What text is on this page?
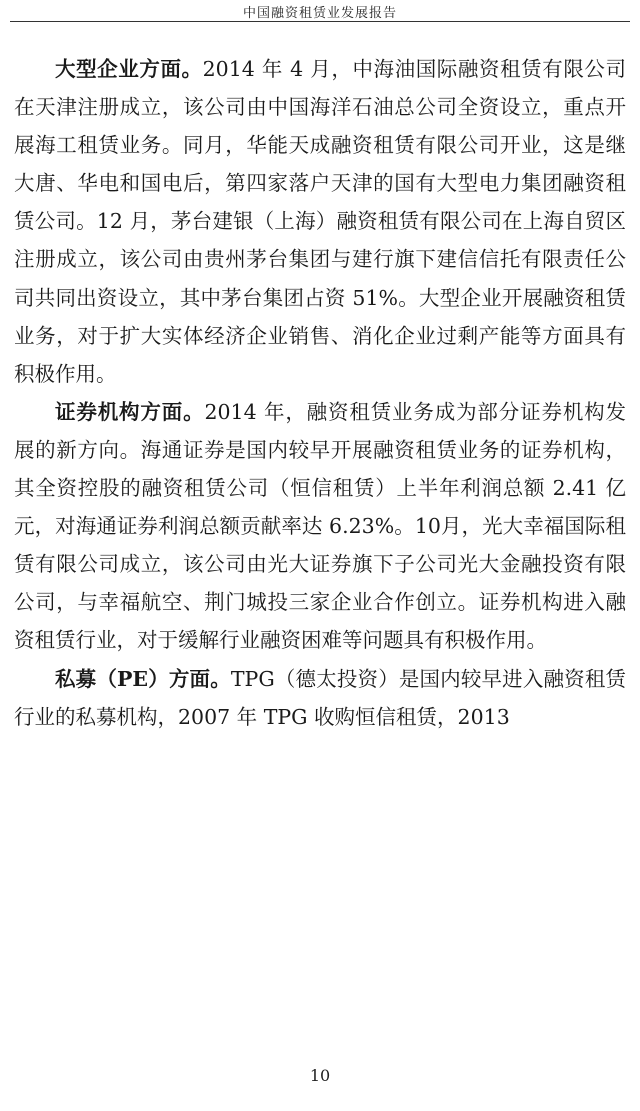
中国融资租赁业发展报告

大型企业方面。2014 年 4 月，中海油国际融资租赁有限公司在天津注册成立，该公司由中国海洋石油总公司全资设立，重点开展海工租赁业务。同月，华能天成融资租赁有限公司开业，这是继大唐、华电和国电后，第四家落户天津的国有大型电力集团融资租赁公司。12 月，茅台建银（上海）融资租赁有限公司在上海自贸区注册成立，该公司由贵州茅台集团与建行旗下建信信托有限责任公司共同出资设立，其中茅台集团占资 51%。大型企业开展融资租赁业务，对于扩大实体经济企业销售、消化企业过剩产能等方面具有积极作用。

证券机构方面。2014 年，融资租赁业务成为部分证券机构发展的新方向。海通证券是国内较早开展融资租赁业务的证券机构，其全资控股的融资租赁公司（恒信租赁）上半年利润总额 2.41 亿元，对海通证券利润总额贡献率达 6.23%。10月，光大幸福国际租赁有限公司成立，该公司由光大证券旗下子公司光大金融投资有限公司，与幸福航空、荆门城投三家企业合作创立。证券机构进入融资租赁行业，对于缓解行业融资困难等问题具有积极作用。

私募（PE）方面。TPG（德太投资）是国内较早进入融资租赁行业的私募机构，2007 年 TPG 收购恒信租赁，2013

10
